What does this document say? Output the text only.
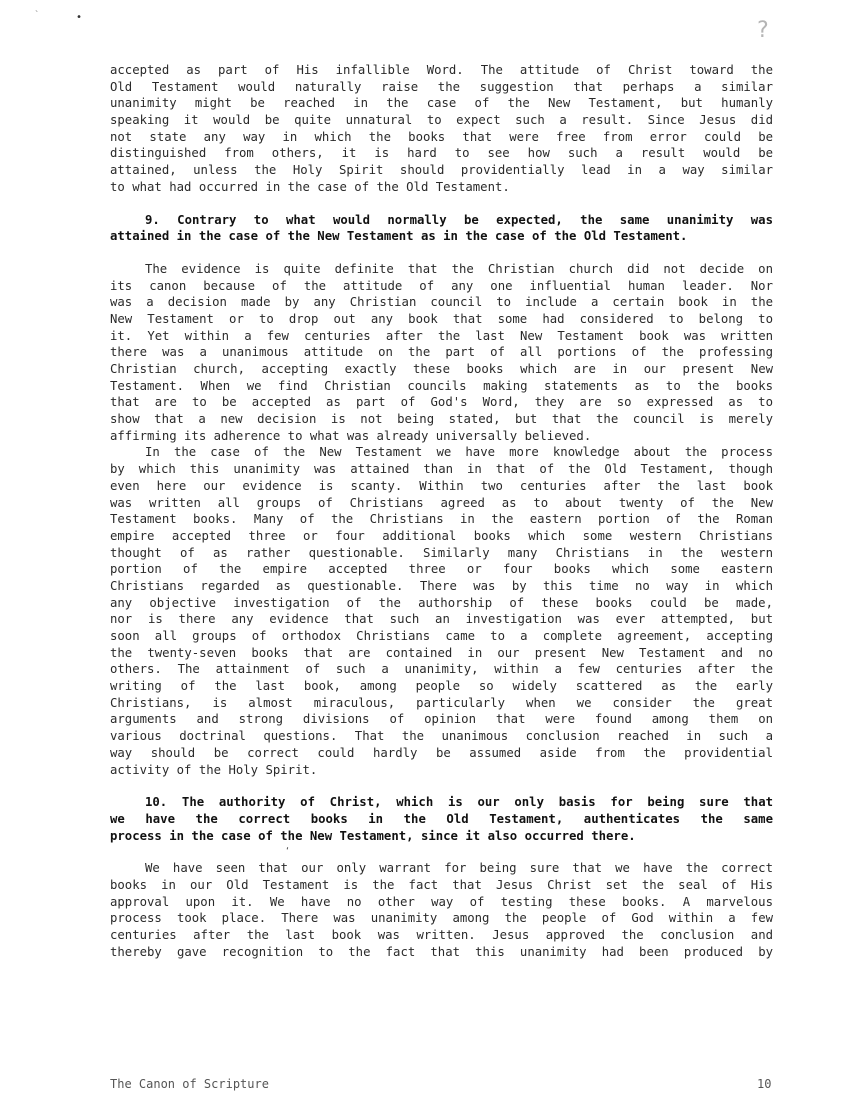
`	•
?
accepted as part of His infallible Word. The attitude of Christ toward the
Old Testament would naturally raise the suggestion that perhaps a similar
unanimity might be reached in the case of the New Testament, but humanly
speaking it would be quite unnatural to expect such a result. Since Jesus did
not state any way in which the books that were free from error could be
distinguished from others, it is hard to see how such a result would be
attained, unless the Holy Spirit should providentially lead in a way similar
to what had occurred in the case of the Old Testament.
9. Contrary to what would normally be expected, the same unanimity was
attained in the case of the New Testament as in the case of the Old Testament.
The evidence is quite definite that the Christian church did not decide on
its canon because of the attitude of any one influential human leader. Nor
was a decision made by any Christian council to include a certain book in the
New Testament or to drop out any book that some had considered to belong to
it. Yet within a few centuries after the last New Testament book was written
there was a unanimous attitude on the part of all portions of the professing
Christian church, accepting exactly these books which are in our present New
Testament. When we find Christian councils making statements as to the books
that are to be accepted as part of God's Word, they are so expressed as to
show that a new decision is not being stated, but that the council is merely
affirming its adherence to what was already universally believed.
In the case of the New Testament we have more knowledge about the process
by which this unanimity was attained than in that of the Old Testament, though
even here our evidence is scanty. Within two centuries after the last book
was written all groups of Christians agreed as to about twenty of the New
Testament books. Many of the Christians in the eastern portion of the Roman
empire accepted three or four additional books which some western Christians
thought of as rather questionable. Similarly many Christians in the western
portion of the empire accepted three or four books which some eastern
Christians regarded as questionable. There was by this time no way in which
any objective investigation of the authorship of these books could be made,
nor is there any evidence that such an investigation was ever attempted, but
soon all groups of orthodox Christians came to a complete agreement, accepting
the twenty-seven books that are contained in our present New Testament and no
others. The attainment of such a unanimity, within a few centuries after the
writing of the last book, among people so widely scattered as the early
Christians, is almost miraculous, particularly when we consider the great
arguments and strong divisions of opinion that were found among them on
various doctrinal questions. That the unanimous conclusion reached in such a
way should be correct could hardly be assumed aside from the providential
activity of the Holy Spirit.
10. The authority of Christ, which is our only basis for being sure that
we have the correct books in the Old Testament, authenticates the same
process in the case of the New Testament, since it also occurred there.
We have seen that our only warrant for being sure that we have the correct
books in our Old Testament is the fact that Jesus Christ set the seal of His
approval upon it. We have no other way of testing these books. A marvelous
process took place. There was unanimity among the people of God within a few
centuries after the last book was written. Jesus approved the conclusion and
thereby gave recognition to the fact that this unanimity had been produced by
‘
The Canon of Scripture	10
